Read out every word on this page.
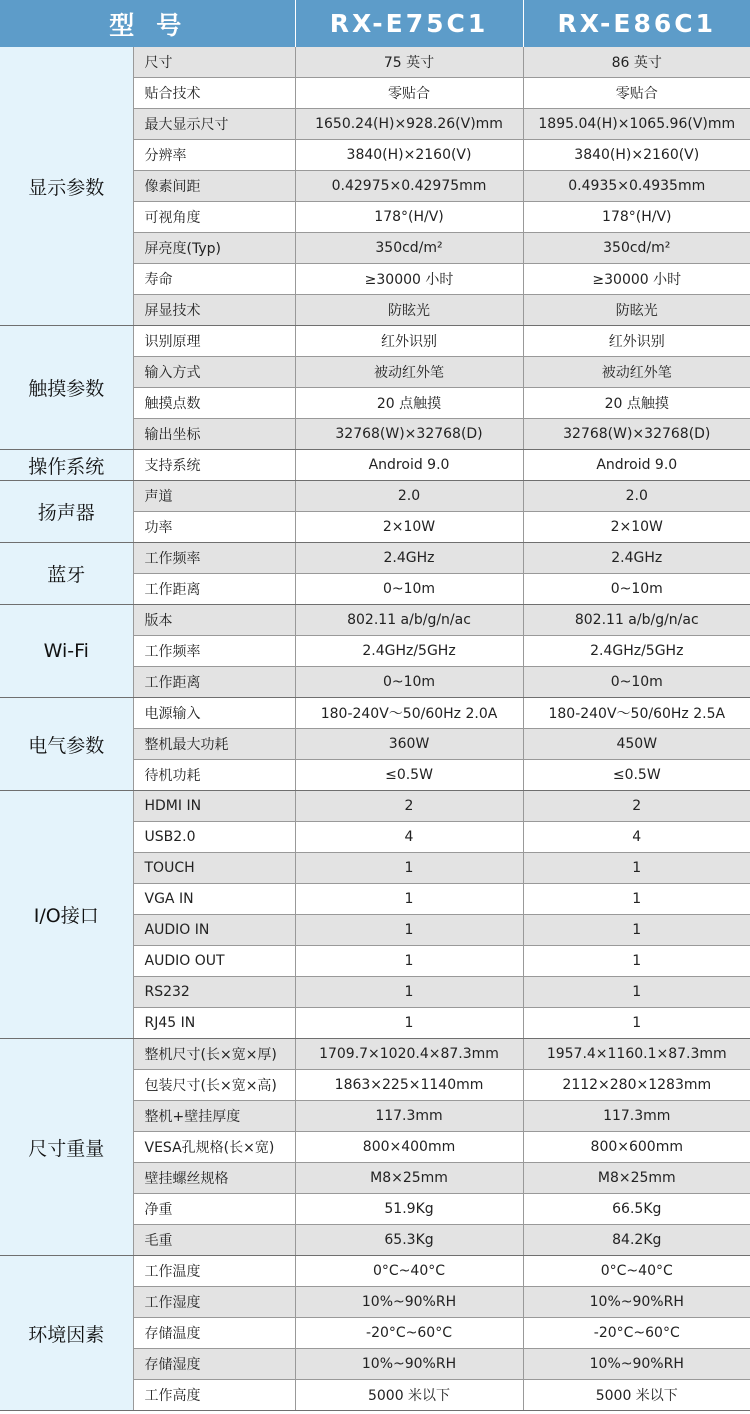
型号		RX-E75C1	RX-E86C1
显示参数	尺寸	75 英寸	86 英寸
	贴合技术	零贴合	零贴合
	最大显示尺寸	1650.24(H)×928.26(V)mm	1895.04(H)×1065.96(V)mm
	分辨率	3840(H)×2160(V)	3840(H)×2160(V)
	像素间距	0.42975×0.42975mm	0.4935×0.4935mm
	可视角度	178°(H/V)	178°(H/V)
	屏亮度(Typ)	350cd/m²	350cd/m²
	寿命	≥30000 小时	≥30000 小时
	屏显技术	防眩光	防眩光
触摸参数	识别原理	红外识别	红外识别
	输入方式	被动红外笔	被动红外笔
	触摸点数	20 点触摸	20 点触摸
	输出坐标	32768(W)×32768(D)	32768(W)×32768(D)
操作系统	支持系统	Android 9.0	Android 9.0
扬声器	声道	2.0	2.0
	功率	2×10W	2×10W
蓝牙	工作频率	2.4GHz	2.4GHz
	工作距离	0~10m	0~10m
Wi-Fi	版本	802.11 a/b/g/n/ac	802.11 a/b/g/n/ac
	工作频率	2.4GHz/5GHz	2.4GHz/5GHz
	工作距离	0~10m	0~10m
电气参数	电源输入	180-240V～50/60Hz 2.0A	180-240V～50/60Hz 2.5A
	整机最大功耗	360W	450W
	待机功耗	≤0.5W	≤0.5W
I/O接口	HDMI IN	2	2
	USB2.0	4	4
	TOUCH	1	1
	VGA IN	1	1
	AUDIO IN	1	1
	AUDIO OUT	1	1
	RS232	1	1
	RJ45 IN	1	1
尺寸重量	整机尺寸(长×宽×厚)	1709.7×1020.4×87.3mm	1957.4×1160.1×87.3mm
	包装尺寸(长×宽×高)	1863×225×1140mm	2112×280×1283mm
	整机+壁挂厚度	117.3mm	117.3mm
	VESA孔规格(长×宽)	800×400mm	800×600mm
	壁挂螺丝规格	M8×25mm	M8×25mm
	净重	51.9Kg	66.5Kg
	毛重	65.3Kg	84.2Kg
环境因素	工作温度	0°C~40°C	0°C~40°C
	工作湿度	10%~90%RH	10%~90%RH
	存储温度	-20°C~60°C	-20°C~60°C
	存储湿度	10%~90%RH	10%~90%RH
	工作高度	5000 米以下	5000 米以下
